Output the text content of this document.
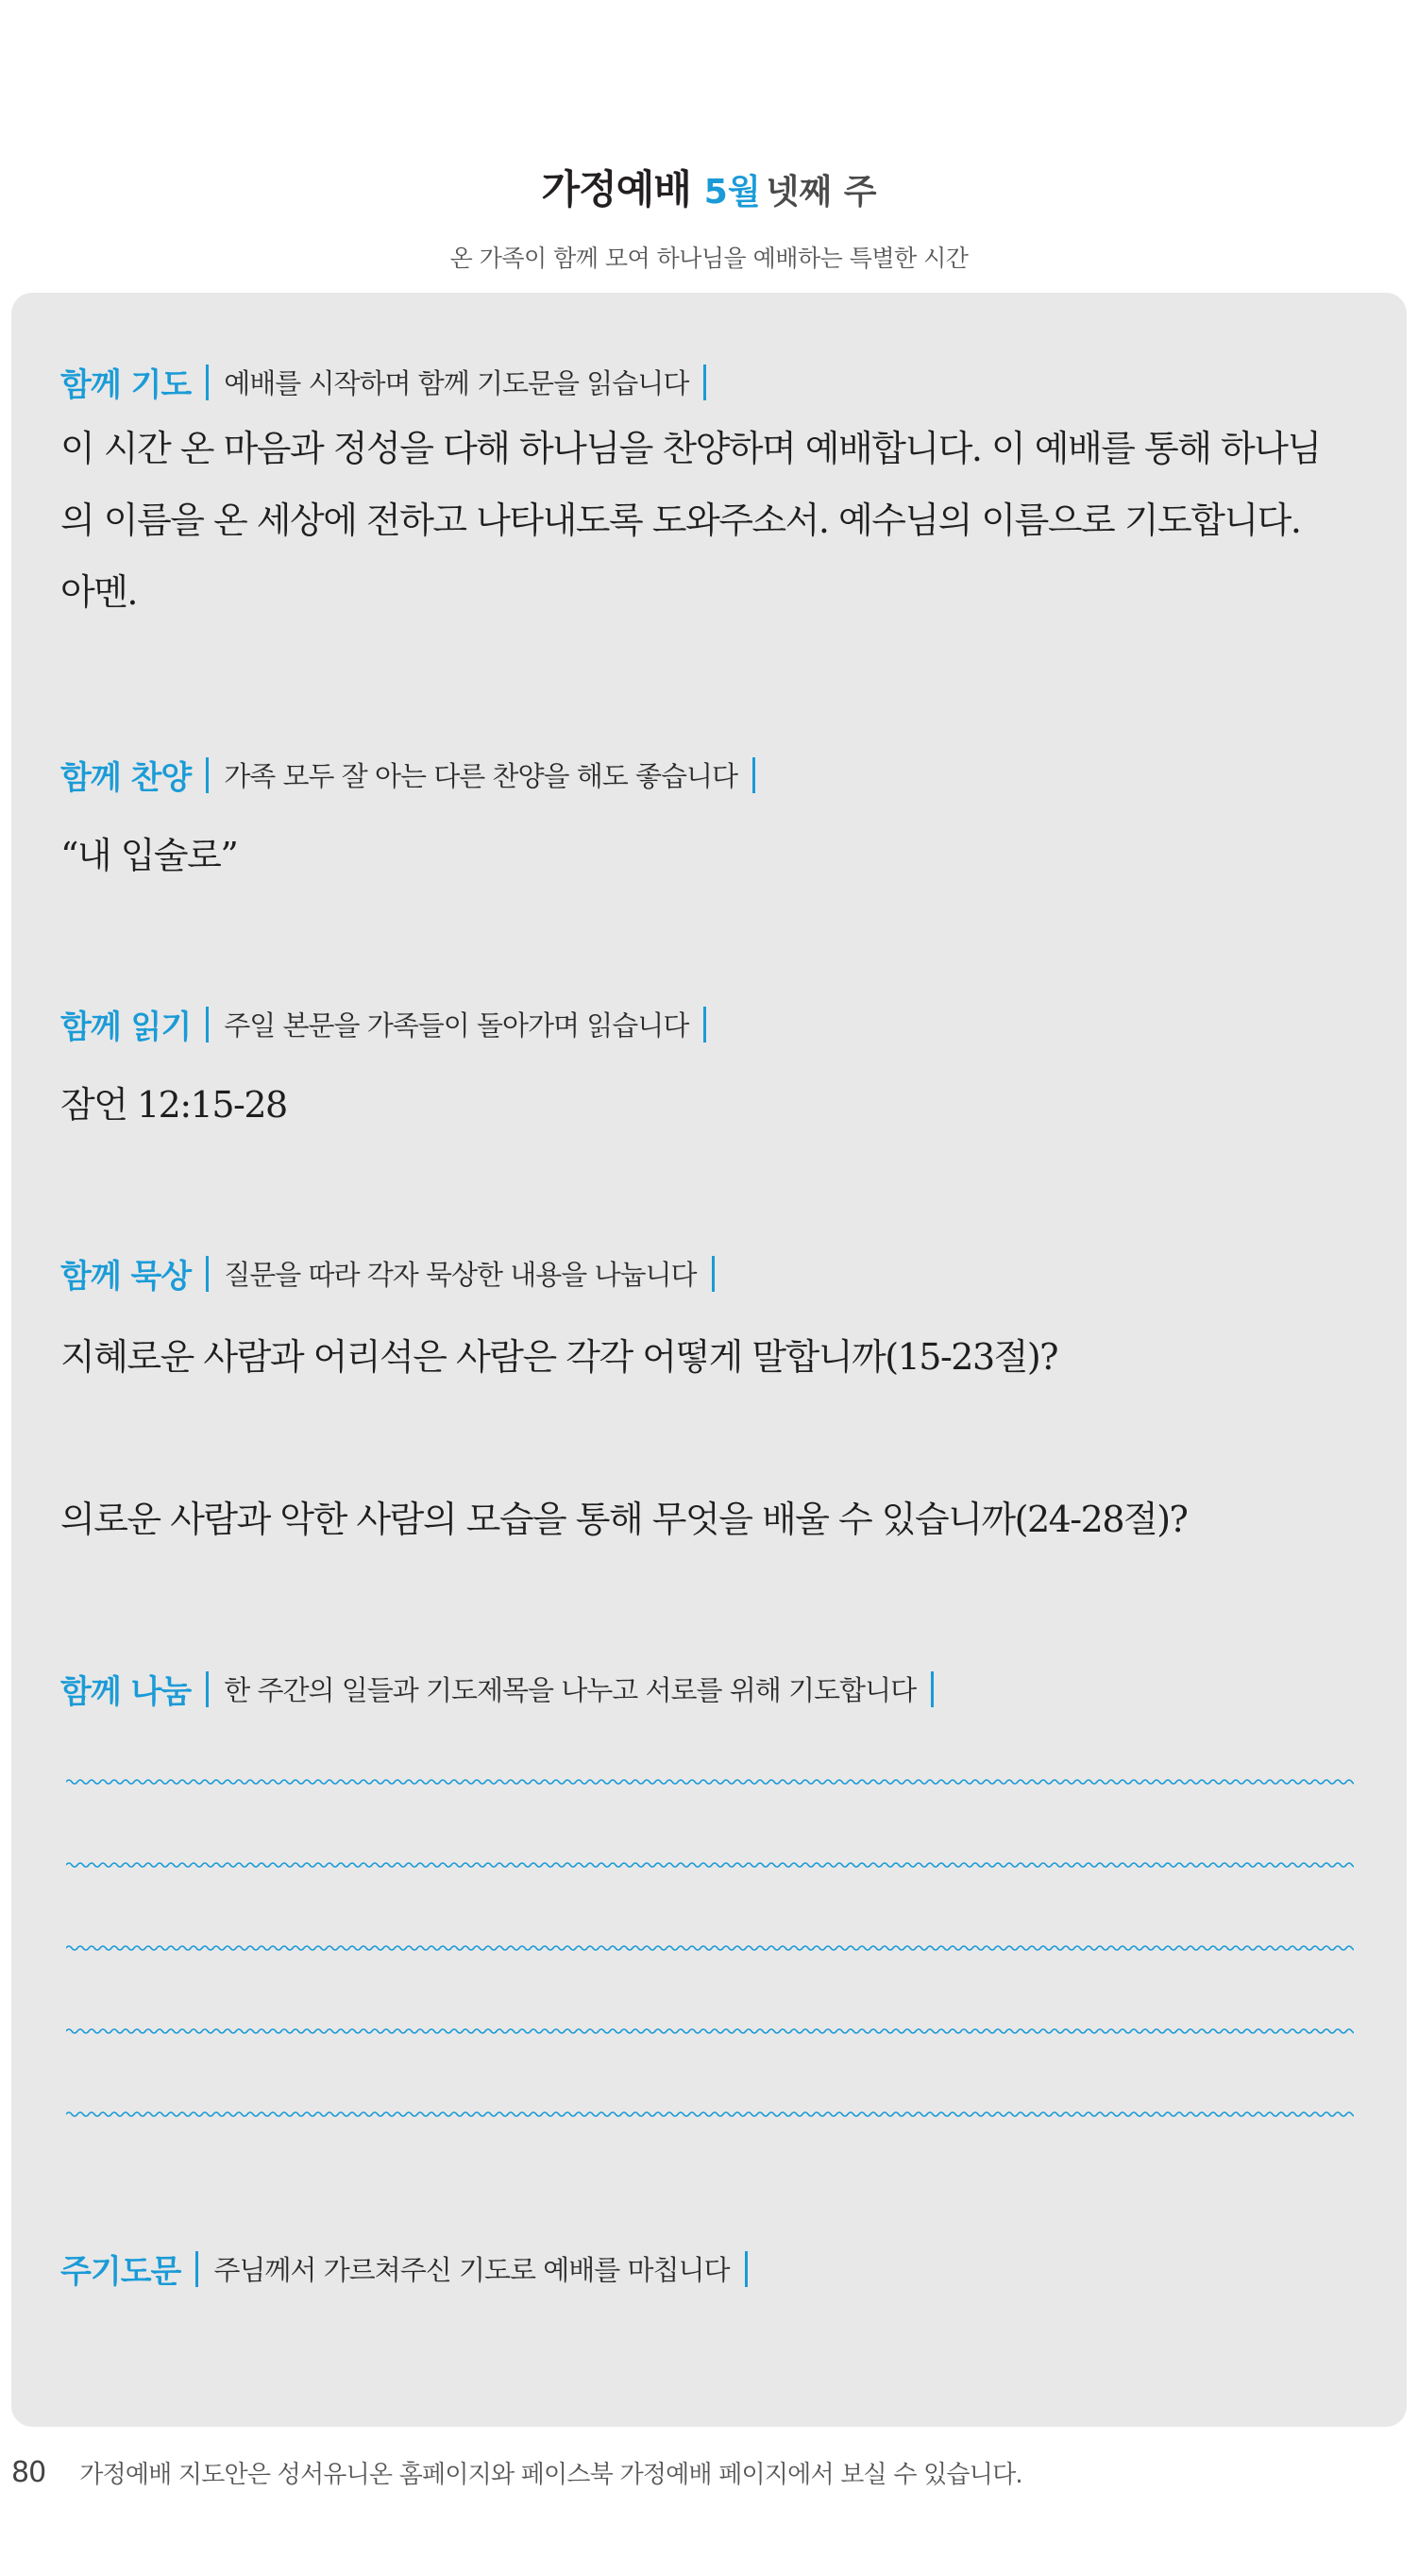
가정예배 5월 넷째 주
온 가족이 함께 모여 하나님을 예배하는 특별한 시간
함께 기도 예배를 시작하며 함께 기도문을 읽습니다
이 시간 온 마음과 정성을 다해 하나님을 찬양하며 예배합니다. 이 예배를 통해 하나님
의 이름을 온 세상에 전하고 나타내도록 도와주소서. 예수님의 이름으로 기도합니다.
아멘.
함께 찬양 가족 모두 잘 아는 다른 찬양을 해도 좋습니다
“내 입술로”
함께 읽기 주일 본문을 가족들이 돌아가며 읽습니다
잠언 12:15-28
함께 묵상 질문을 따라 각자 묵상한 내용을 나눕니다
지혜로운 사람과 어리석은 사람은 각각 어떻게 말합니까(15-23절)?
의로운 사람과 악한 사람의 모습을 통해 무엇을 배울 수 있습니까(24-28절)?
함께 나눔 한 주간의 일들과 기도제목을 나누고 서로를 위해 기도합니다
주기도문 주님께서 가르쳐주신 기도로 예배를 마칩니다
80 가정예배 지도안은 성서유니온 홈페이지와 페이스북 가정예배 페이지에서 보실 수 있습니다.
